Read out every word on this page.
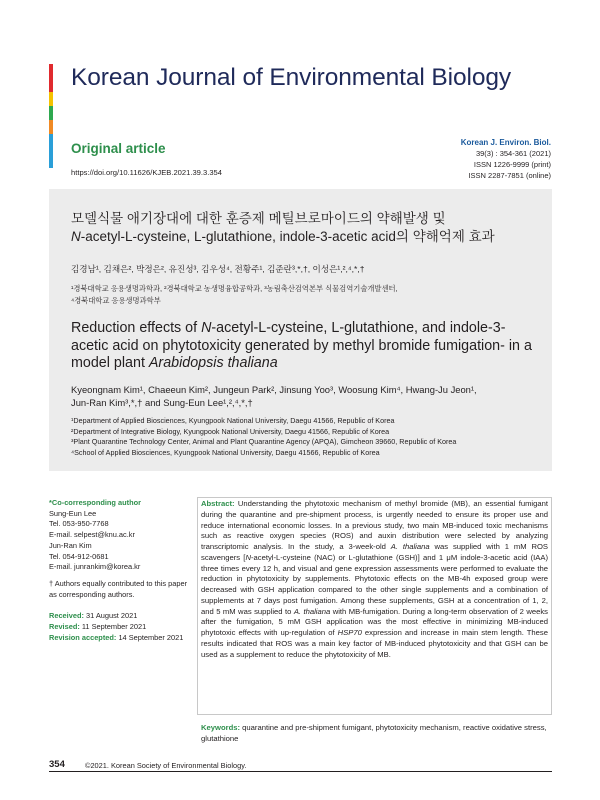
Korean Journal of Environmental Biology
Original article
https://doi.org/10.11626/KJEB.2021.39.3.354
Korean J. Environ. Biol.
39(3) : 354-361 (2021)
ISSN 1226-9999 (print)
ISSN 2287-7851 (online)
모델식물 애기장대에 대한 훈증제 메틸브로마이드의 약해발생 및
N-acetyl-L-cysteine, L-glutathione, indole-3-acetic acid의 약해억제 효과
김경남¹, 김채은², 박정은², 유진성³, 김우성⁴, 전황주¹, 김준란³,*,†, 이성은¹,²,⁴,*,†
¹경북대학교 응용생명과학과, ²경북대학교 농생명융합공학과, ³농림축산검역본부 식물검역기술개발센터,
⁴경북대학교 응용생명과학부
Reduction effects of N-acetyl-L-cysteine, L-glutathione, and indole-3-acetic acid on phytotoxicity generated by methyl bromide fumigation- in a model plant Arabidopsis thaliana
Kyeongnam Kim¹, Chaeeun Kim², Jungeun Park², Jinsung Yoo³, Woosung Kim⁴, Hwang-Ju Jeon¹,
Jun-Ran Kim³,*,† and Sung-Eun Lee¹,²,⁴,*,†
¹Department of Applied Biosciences, Kyungpook National University, Daegu 41566, Republic of Korea
²Department of Integrative Biology, Kyungpook National University, Daegu 41566, Republic of Korea
³Plant Quarantine Technology Center, Animal and Plant Quarantine Agency (APQA), Gimcheon 39660, Republic of Korea
⁴School of Applied Biosciences, Kyungpook National University, Daegu 41566, Republic of Korea
*Co-corresponding author
Sung-Eun Lee
Tel. 053-950-7768
E-mail. selpest@knu.ac.kr
Jun-Ran Kim
Tel. 054-912-0681
E-mail. junrankim@korea.kr
† Authors equally contributed to this paper as corresponding authors.
Received: 31 August 2021
Revised: 11 September 2021
Revision accepted: 14 September 2021
Abstract: Understanding the phytotoxic mechanism of methyl bromide (MB), an essential fumigant during the quarantine and pre-shipment process, is urgently needed to ensure its proper use and reduce international economic losses. In a previous study, two main MB-induced toxic mechanisms such as reactive oxygen species (ROS) and auxin distribution were selected by analyzing transcriptomic analysis. In the study, a 3-week-old A. thaliana was supplied with 1 mM ROS scavengers [N-acetyl-L-cysteine (NAC) or L-glutathione (GSH)] and 1 μM indole-3-acetic acid (IAA) three times every 12 h, and visual and gene expression assessments were performed to evaluate the reduction in phytotoxicity by supplements. Phytotoxic effects on the MB-4h exposed group were decreased with GSH application compared to the other single supplements and a combination of supplements at 7 days post fumigation. Among these supplements, GSH at a concentration of 1, 2, and 5 mM was supplied to A. thaliana with MB-fumigation. During a long-term observation of 2 weeks after the fumigation, 5 mM GSH application was the most effective in minimizing MB-induced phytotoxic effects with up-regulation of HSP70 expression and increase in main stem length. These results indicated that ROS was a main key factor of MB-induced phytotoxicity and that GSH can be used as a supplement to reduce the phytotoxicity of MB.
Keywords: quarantine and pre-shipment fumigant, phytotoxicity mechanism, reactive oxidative stress, glutathione
354	©2021. Korean Society of Environmental Biology.
